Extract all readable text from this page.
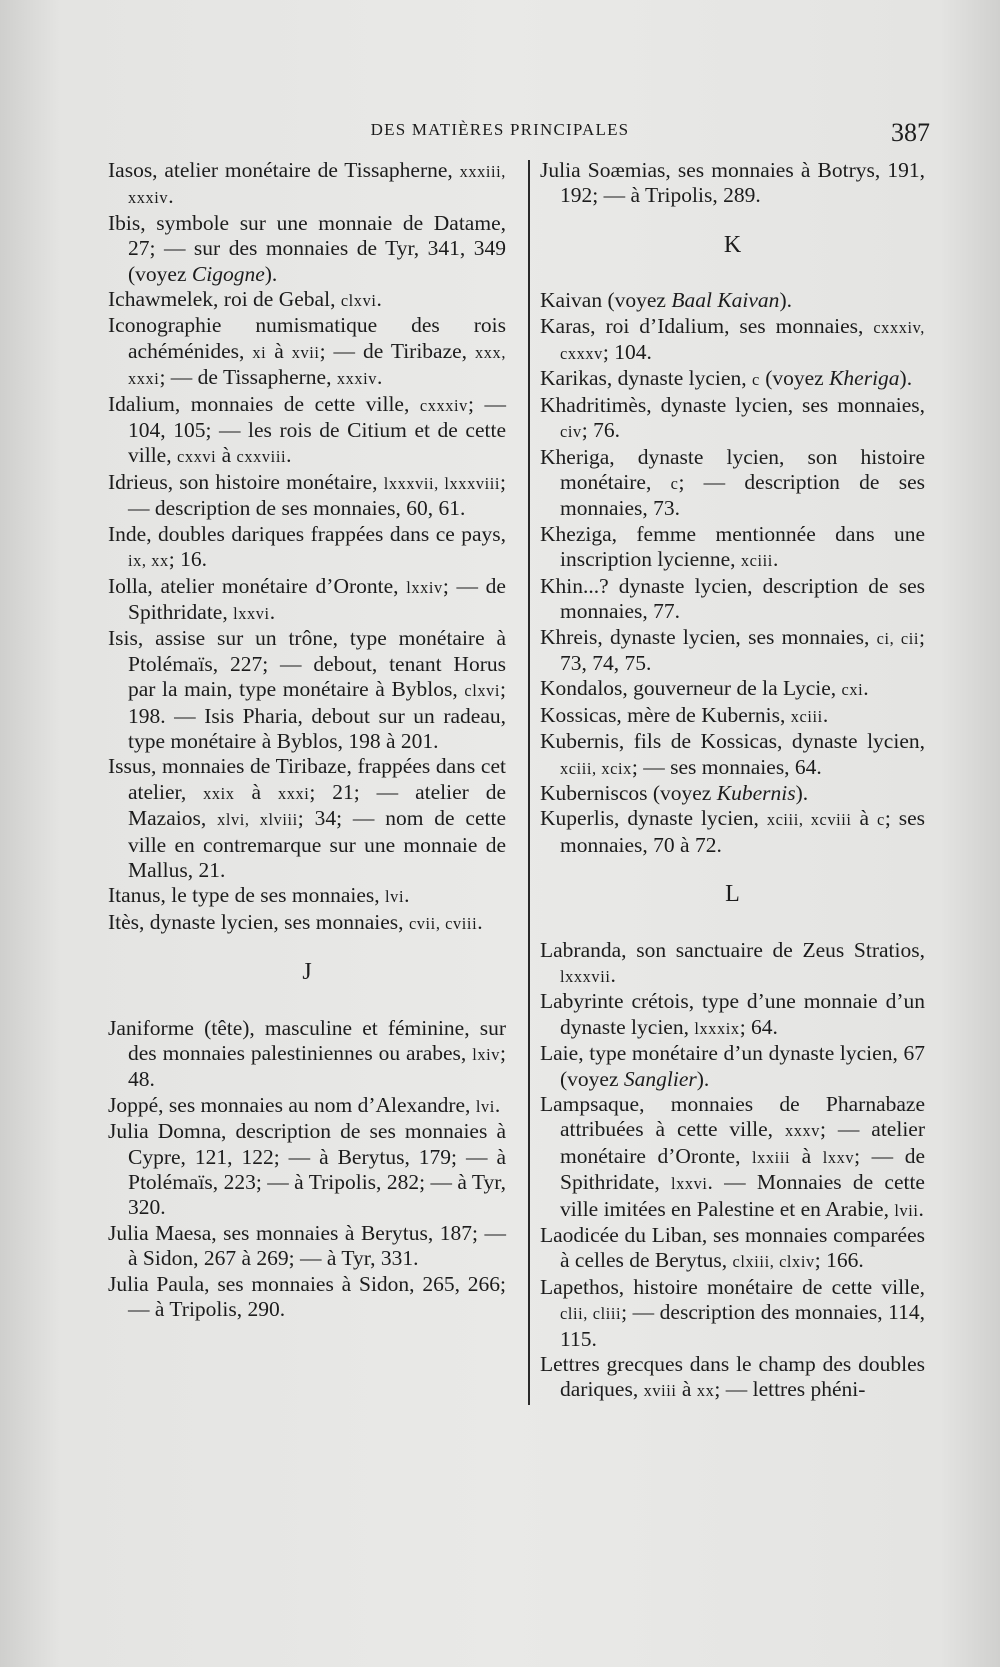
DES MATIÈRES PRINCIPALES	387

Iasos, atelier monétaire de Tissapherne, xxxiii, xxxiv.

Ibis, symbole sur une monnaie de Datame, 27; — sur des monnaies de Tyr, 341, 349 (voyez Cigogne).

Ichawmelek, roi de Gebal, clxvi.

Iconographie numismatique des rois achéménides, xi à xvii; — de Tiribaze, xxx, xxxi; — de Tissapherne, xxxiv.

Idalium, monnaies de cette ville, cxxxiv; — 104, 105; — les rois de Citium et de cette ville, cxxvi à cxxviii.

Idrieus, son histoire monétaire, lxxxvii, lxxxviii; — description de ses monnaies, 60, 61.

Inde, doubles dariques frappées dans ce pays, ix, xx; 16.

Iolla, atelier monétaire d’Oronte, lxxiv; — de Spithridate, lxxvi.

Isis, assise sur un trône, type monétaire à Ptolémaïs, 227; — debout, tenant Horus par la main, type monétaire à Byblos, clxvi; 198. — Isis Pharia, debout sur un radeau, type monétaire à Byblos, 198 à 201.

Issus, monnaies de Tiribaze, frappées dans cet atelier, xxix à xxxi; 21; — atelier de Mazaios, xlvi, xlviii; 34; — nom de cette ville en contremarque sur une monnaie de Mallus, 21.

Itanus, le type de ses monnaies, lvi.

Itès, dynaste lycien, ses monnaies, cvii, cviii.

J

Janiforme (tête), masculine et féminine, sur des monnaies palestiniennes ou arabes, lxiv; 48.

Joppé, ses monnaies au nom d’Alexandre, lvi.

Julia Domna, description de ses monnaies à Cypre, 121, 122; — à Berytus, 179; — à Ptolémaïs, 223; — à Tripolis, 282; — à Tyr, 320.

Julia Maesa, ses monnaies à Berytus, 187; — à Sidon, 267 à 269; — à Tyr, 331.

Julia Paula, ses monnaies à Sidon, 265, 266; — à Tripolis, 290.

Julia Soæmias, ses monnaies à Botrys, 191, 192; — à Tripolis, 289.

K

Kaivan (voyez Baal Kaivan).

Karas, roi d’Idalium, ses monnaies, cxxxiv, cxxxv; 104.

Karikas, dynaste lycien, c (voyez Kheriga).

Khadritimès, dynaste lycien, ses monnaies, civ; 76.

Kheriga, dynaste lycien, son histoire monétaire, c; — description de ses monnaies, 73.

Kheziga, femme mentionnée dans une inscription lycienne, xciii.

Khin...? dynaste lycien, description de ses monnaies, 77.

Khreis, dynaste lycien, ses monnaies, ci, cii; 73, 74, 75.

Kondalos, gouverneur de la Lycie, cxi.

Kossicas, mère de Kubernis, xciii.

Kubernis, fils de Kossicas, dynaste lycien, xciii, xcix; — ses monnaies, 64.

Kuberniscos (voyez Kubernis).

Kuperlis, dynaste lycien, xciii, xcviii à c; ses monnaies, 70 à 72.

L

Labranda, son sanctuaire de Zeus Stratios, lxxxvii.

Labyrinte crétois, type d’une monnaie d’un dynaste lycien, lxxxix; 64.

Laie, type monétaire d’un dynaste lycien, 67 (voyez Sanglier).

Lampsaque, monnaies de Pharnabaze attribuées à cette ville, xxxv; — atelier monétaire d’Oronte, lxxiii à lxxv; — de Spithridate, lxxvi. — Monnaies de cette ville imitées en Palestine et en Arabie, lvii.

Laodicée du Liban, ses monnaies comparées à celles de Berytus, clxiii, clxiv; 166.

Lapethos, histoire monétaire de cette ville, clii, cliii; — description des monnaies, 114, 115.

Lettres grecques dans le champ des doubles dariques, xviii à xx; — lettres phéni-
